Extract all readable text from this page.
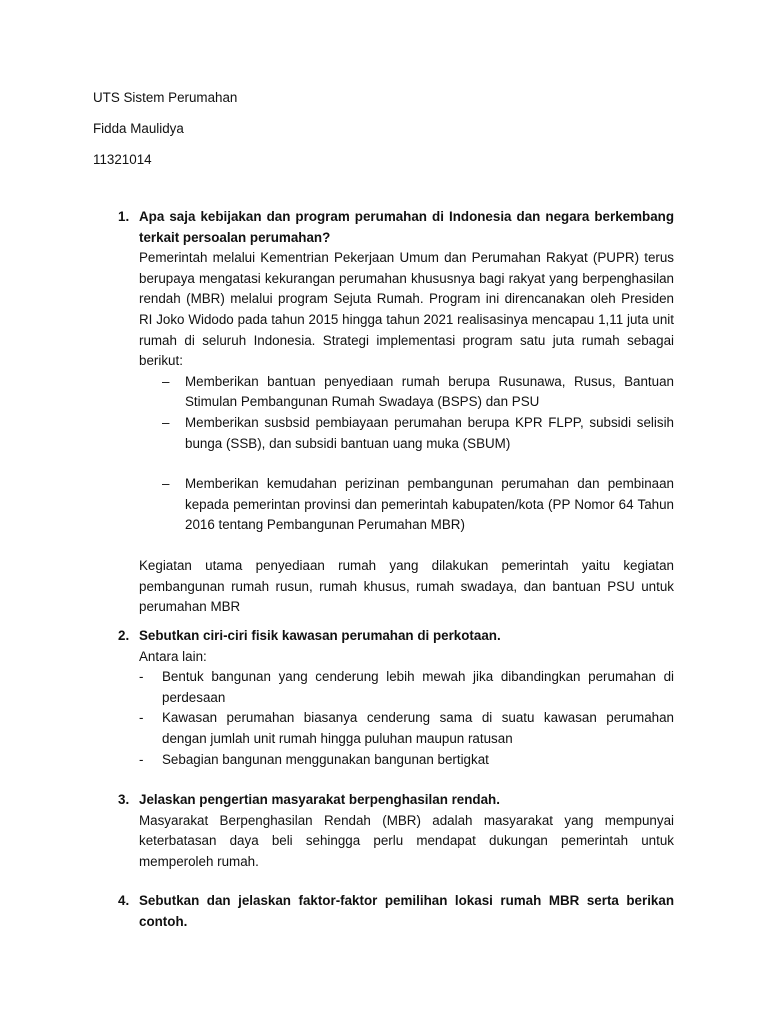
UTS Sistem Perumahan
Fidda Maulidya
11321014
1. Apa saja kebijakan dan program perumahan di Indonesia dan negara berkembang terkait persoalan perumahan?
Pemerintah melalui Kementrian Pekerjaan Umum dan Perumahan Rakyat (PUPR) terus berupaya mengatasi kekurangan perumahan khususnya bagi rakyat yang berpenghasilan rendah (MBR) melalui program Sejuta Rumah. Program ini direncanakan oleh Presiden RI Joko Widodo pada tahun 2015 hingga tahun 2021 realisasinya mencapau 1,11 juta unit rumah di seluruh Indonesia. Strategi implementasi program satu juta rumah sebagai berikut:
– Memberikan bantuan penyediaan rumah berupa Rusunawa, Rusus, Bantuan Stimulan Pembangunan Rumah Swadaya (BSPS) dan PSU
– Memberikan susbsid pembiayaan perumahan berupa KPR FLPP, subsidi selisih bunga (SSB), dan subsidi bantuan uang muka (SBUM)
– Memberikan kemudahan perizinan pembangunan perumahan dan pembinaan kepada pemerintan provinsi dan pemerintah kabupaten/kota (PP Nomor 64 Tahun 2016 tentang Pembangunan Perumahan MBR)
Kegiatan utama penyediaan rumah yang dilakukan pemerintah yaitu kegiatan pembangunan rumah rusun, rumah khusus, rumah swadaya, dan bantuan PSU untuk perumahan MBR
2. Sebutkan ciri-ciri fisik kawasan perumahan di perkotaan.
Antara lain:
- Bentuk bangunan yang cenderung lebih mewah jika dibandingkan perumahan di perdesaan
- Kawasan perumahan biasanya cenderung sama di suatu kawasan perumahan dengan jumlah unit rumah hingga puluhan maupun ratusan
- Sebagian bangunan menggunakan bangunan bertigkat
3. Jelaskan pengertian masyarakat berpenghasilan rendah.
Masyarakat Berpenghasilan Rendah (MBR) adalah masyarakat yang mempunyai keterbatasan daya beli sehingga perlu mendapat dukungan pemerintah untuk memperoleh rumah.
4. Sebutkan dan jelaskan faktor-faktor pemilihan lokasi rumah MBR serta berikan contoh.
